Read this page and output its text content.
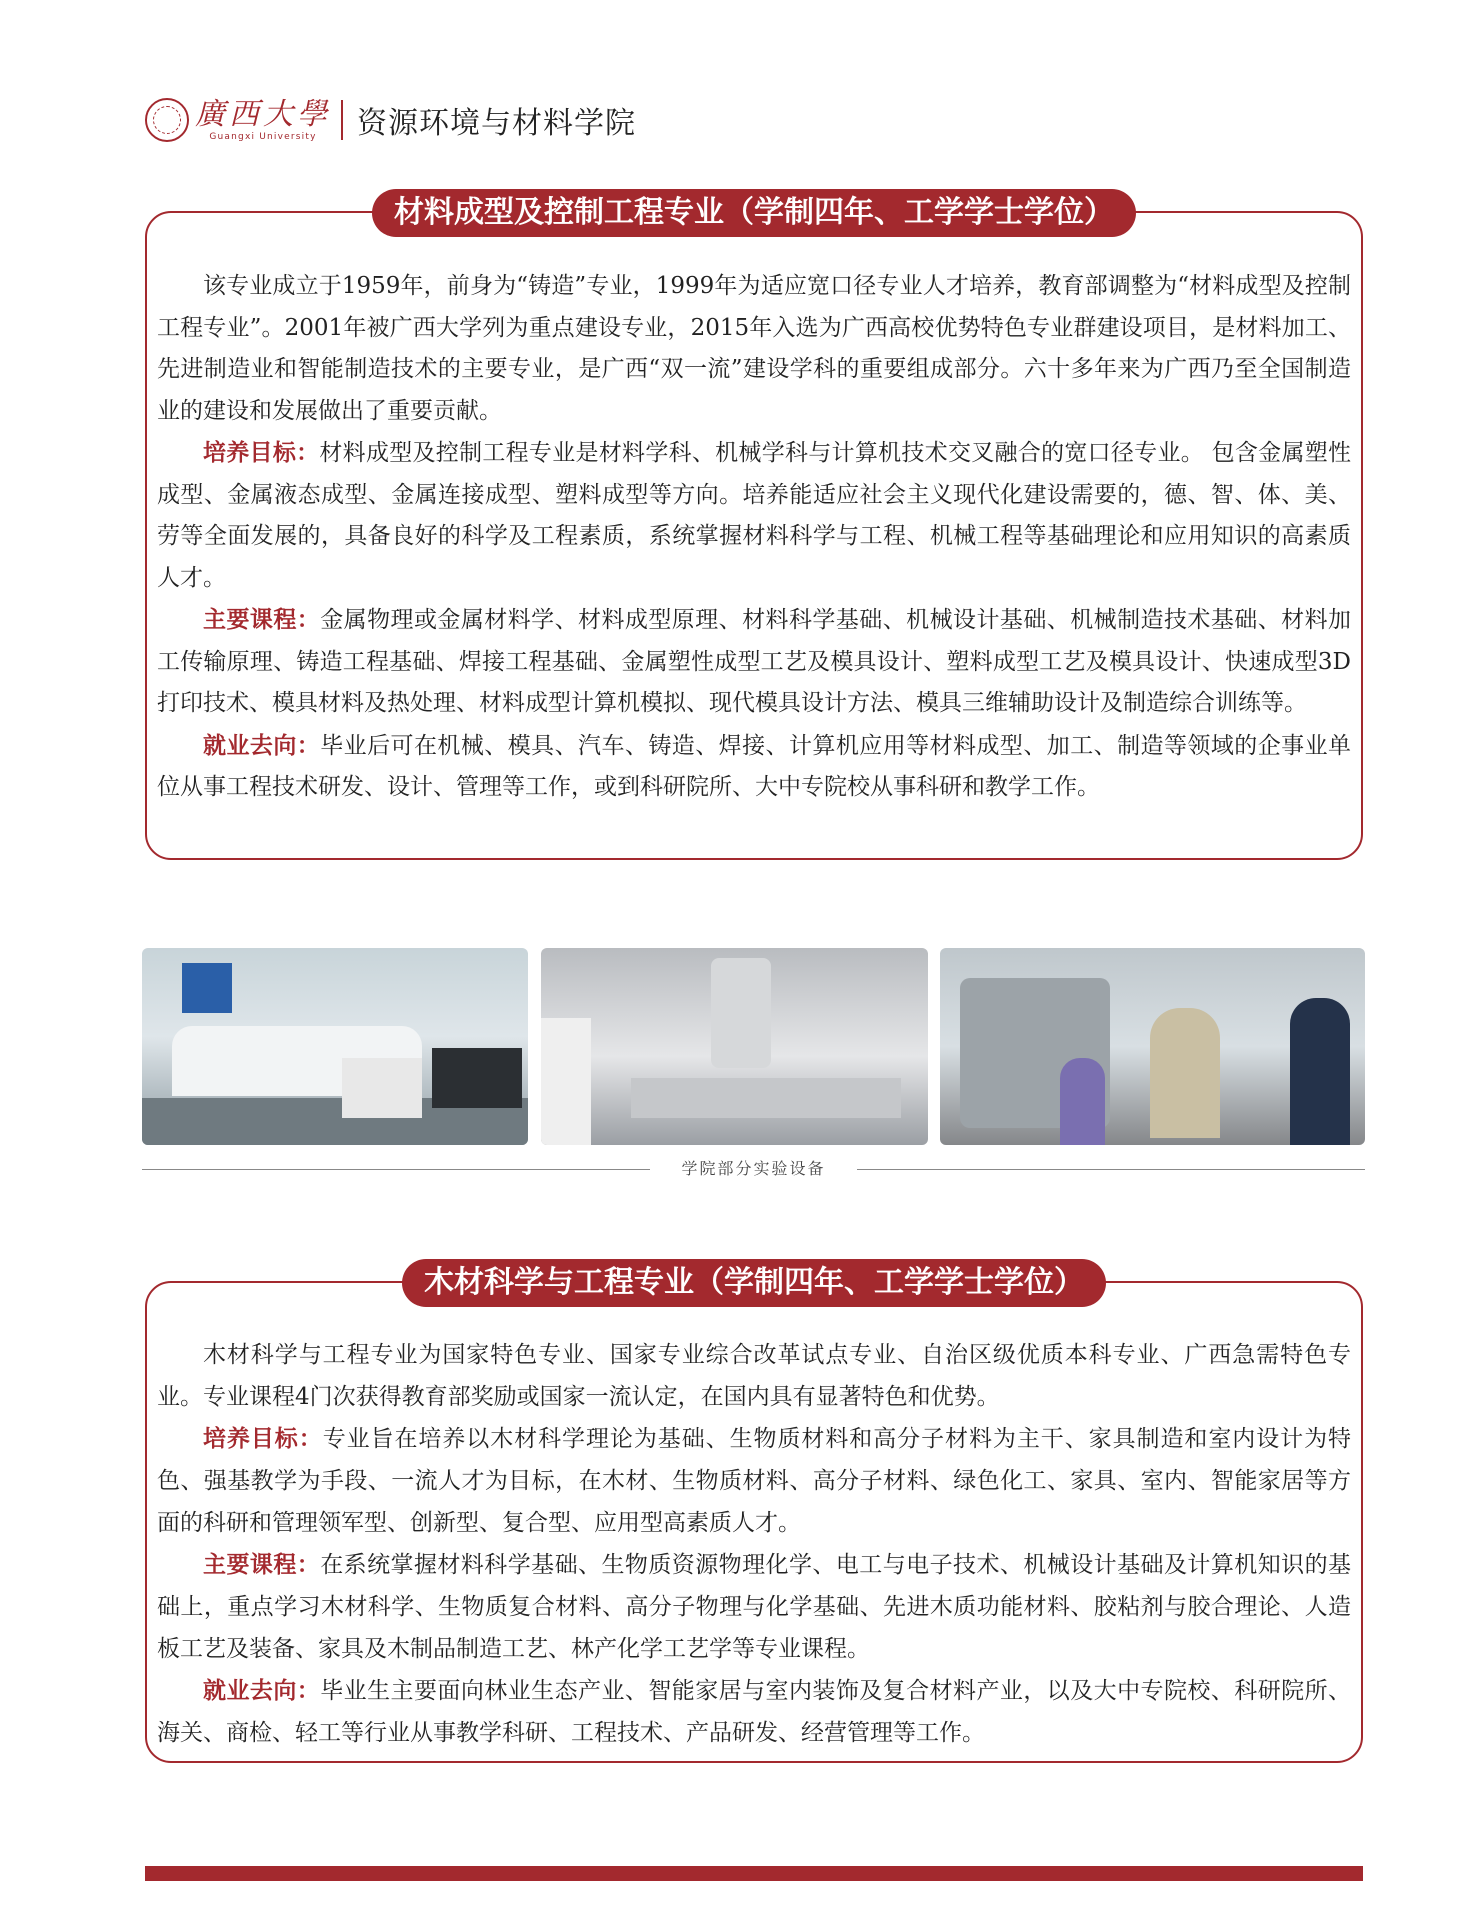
廣西大學
Guangxi University 资源环境与材料学院
材料成型及控制工程专业（学制四年、工学学士学位）

该专业成立于1959年，前身为“铸造”专业，1999年为适应宽口径专业人才培养，教育部调整为“材料成型及控制工程专业”。2001年被广西大学列为重点建设专业，2015年入选为广西高校优势特色专业群建设项目，是材料加工、先进制造业和智能制造技术的主要专业，是广西“双一流”建设学科的重要组成部分。六十多年来为广西乃至全国制造业的建设和发展做出了重要贡献。

培养目标：材料成型及控制工程专业是材料学科、机械学科与计算机技术交叉融合的宽口径专业。 包含金属塑性成型、金属液态成型、金属连接成型、塑料成型等方向。培养能适应社会主义现代化建设需要的，德、智、体、美、劳等全面发展的，具备良好的科学及工程素质，系统掌握材料科学与工程、机械工程等基础理论和应用知识的高素质人才。

主要课程：金属物理或金属材料学、材料成型原理、材料科学基础、机械设计基础、机械制造技术基础、材料加工传输原理、铸造工程基础、焊接工程基础、金属塑性成型工艺及模具设计、塑料成型工艺及模具设计、快速成型3D打印技术、模具材料及热处理、材料成型计算机模拟、现代模具设计方法、模具三维辅助设计及制造综合训练等。

就业去向：毕业后可在机械、模具、汽车、铸造、焊接、计算机应用等材料成型、加工、制造等领域的企事业单位从事工程技术研发、设计、管理等工作，或到科研院所、大中专院校从事科研和教学工作。

学院部分实验设备
木材科学与工程专业（学制四年、工学学士学位）

木材科学与工程专业为国家特色专业、国家专业综合改革试点专业、自治区级优质本科专业、广西急需特色专业。专业课程4门次获得教育部奖励或国家一流认定，在国内具有显著特色和优势。

培养目标：专业旨在培养以木材科学理论为基础、生物质材料和高分子材料为主干、家具制造和室内设计为特色、强基教学为手段、一流人才为目标，在木材、生物质材料、高分子材料、绿色化工、家具、室内、智能家居等方面的科研和管理领军型、创新型、复合型、应用型高素质人才。

主要课程：在系统掌握材料科学基础、生物质资源物理化学、电工与电子技术、机械设计基础及计算机知识的基础上，重点学习木材科学、生物质复合材料、高分子物理与化学基础、先进木质功能材料、胶粘剂与胶合理论、人造板工艺及装备、家具及木制品制造工艺、林产化学工艺学等专业课程。

就业去向：毕业生主要面向林业生态产业、智能家居与室内装饰及复合材料产业，以及大中专院校、科研院所、海关、商检、轻工等行业从事教学科研、工程技术、产品研发、经营管理等工作。
